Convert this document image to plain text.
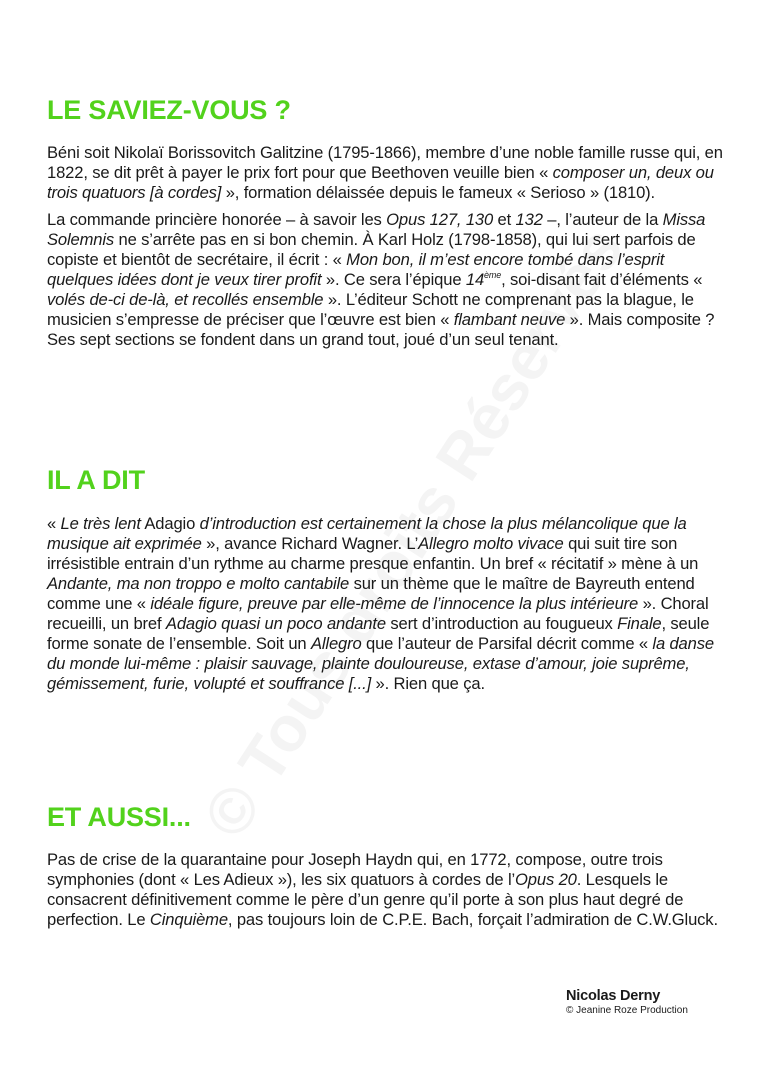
LE SAVIEZ-VOUS ?

Béni soit Nikolaï Borissovitch Galitzine (1795-1866), membre d’une noble famille russe qui, en 1822, se dit prêt à payer le prix fort pour que Beethoven veuille bien « composer un, deux ou trois quatuors [à cordes] », formation délaissée depuis le fameux « Serioso » (1810).

La commande princière honorée – à savoir les Opus 127, 130 et 132 –, l’auteur de la Missa Solemnis ne s’arrête pas en si bon chemin. À Karl Holz (1798-1858), qui lui sert parfois de copiste et bientôt de secrétaire, il écrit : « Mon bon, il m’est encore tombé dans l’esprit quelques idées dont je veux tirer profit ». Ce sera l’épique 14ème, soi-disant fait d’éléments « volés de-ci de-là, et recollés ensemble ». L’éditeur Schott ne comprenant pas la blague, le musicien s’empresse de préciser que l’œuvre est bien « flambant neuve ». Mais composite ? Ses sept sections se fondent dans un grand tout, joué d’un seul tenant.

IL A DIT

« Le très lent Adagio d’introduction est certainement la chose la plus mélancolique que la musique ait exprimée », avance Richard Wagner. L’Allegro molto vivace qui suit tire son irrésistible entrain d’un rythme au charme presque enfantin. Un bref « récitatif » mène à un Andante, ma non troppo e molto cantabile sur un thème que le maître de Bayreuth entend comme une « idéale figure, preuve par elle-même de l’innocence la plus intérieure ». Choral recueilli, un bref Adagio quasi un poco andante sert d’introduction au fougueux Finale, seule forme sonate de l’ensemble. Soit un Allegro que l’auteur de Parsifal décrit comme « la danse du monde lui-même : plaisir sauvage, plainte douloureuse, extase d’amour, joie suprême, gémissement, furie, volupté et souffrance [...] ». Rien que ça.

ET AUSSI...

Pas de crise de la quarantaine pour Joseph Haydn qui, en 1772, compose, outre trois symphonies (dont « Les Adieux »), les six quatuors à cordes de l’Opus 20. Lesquels le consacrent définitivement comme le père d’un genre qu’il porte à son plus haut degré de perfection. Le Cinquième, pas toujours loin de C.P.E. Bach, forçait l’admiration de C.W.Gluck.

Nicolas Derny
© Jeanine Roze Production
